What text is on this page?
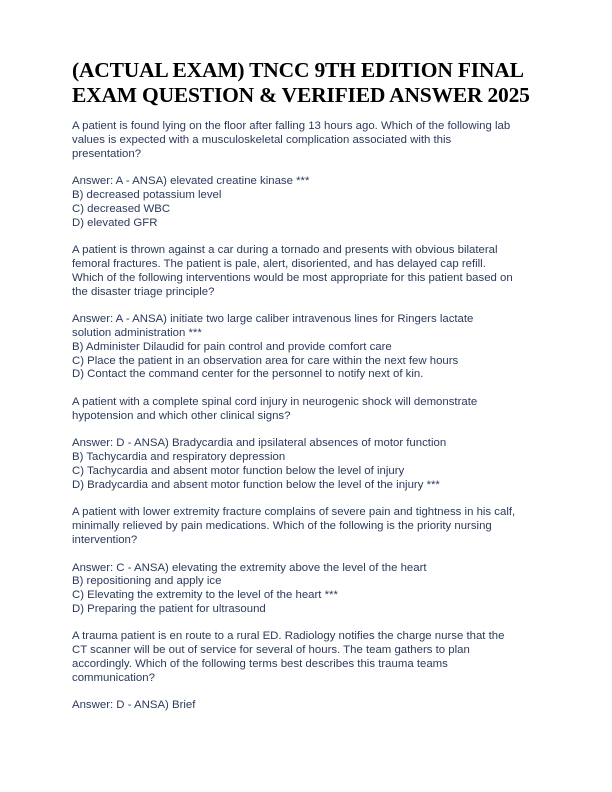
(ACTUAL EXAM) TNCC 9TH EDITION FINAL
EXAM QUESTION & VERIFIED ANSWER 2025

A patient is found lying on the floor after falling 13 hours ago. Which of the following lab
values is expected with a musculoskeletal complication associated with this
presentation?

Answer: A - ANSA) elevated creatine kinase ***
B) decreased potassium level
C) decreased WBC
D) elevated GFR

A patient is thrown against a car during a tornado and presents with obvious bilateral
femoral fractures. The patient is pale, alert, disoriented, and has delayed cap refill.
Which of the following interventions would be most appropriate for this patient based on
the disaster triage principle?

Answer: A - ANSA) initiate two large caliber intravenous lines for Ringers lactate
solution administration ***
B) Administer Dilaudid for pain control and provide comfort care
C) Place the patient in an observation area for care within the next few hours
D) Contact the command center for the personnel to notify next of kin.

A patient with a complete spinal cord injury in neurogenic shock will demonstrate
hypotension and which other clinical signs?

Answer: D - ANSA) Bradycardia and ipsilateral absences of motor function
B) Tachycardia and respiratory depression
C) Tachycardia and absent motor function below the level of injury
D) Bradycardia and absent motor function below the level of the injury ***

A patient with lower extremity fracture complains of severe pain and tightness in his calf,
minimally relieved by pain medications. Which of the following is the priority nursing
intervention?

Answer: C - ANSA) elevating the extremity above the level of the heart
B) repositioning and apply ice
C) Elevating the extremity to the level of the heart ***
D) Preparing the patient for ultrasound

A trauma patient is en route to a rural ED. Radiology notifies the charge nurse that the
CT scanner will be out of service for several of hours. The team gathers to plan
accordingly. Which of the following terms best describes this trauma teams
communication?

Answer: D - ANSA) Brief
